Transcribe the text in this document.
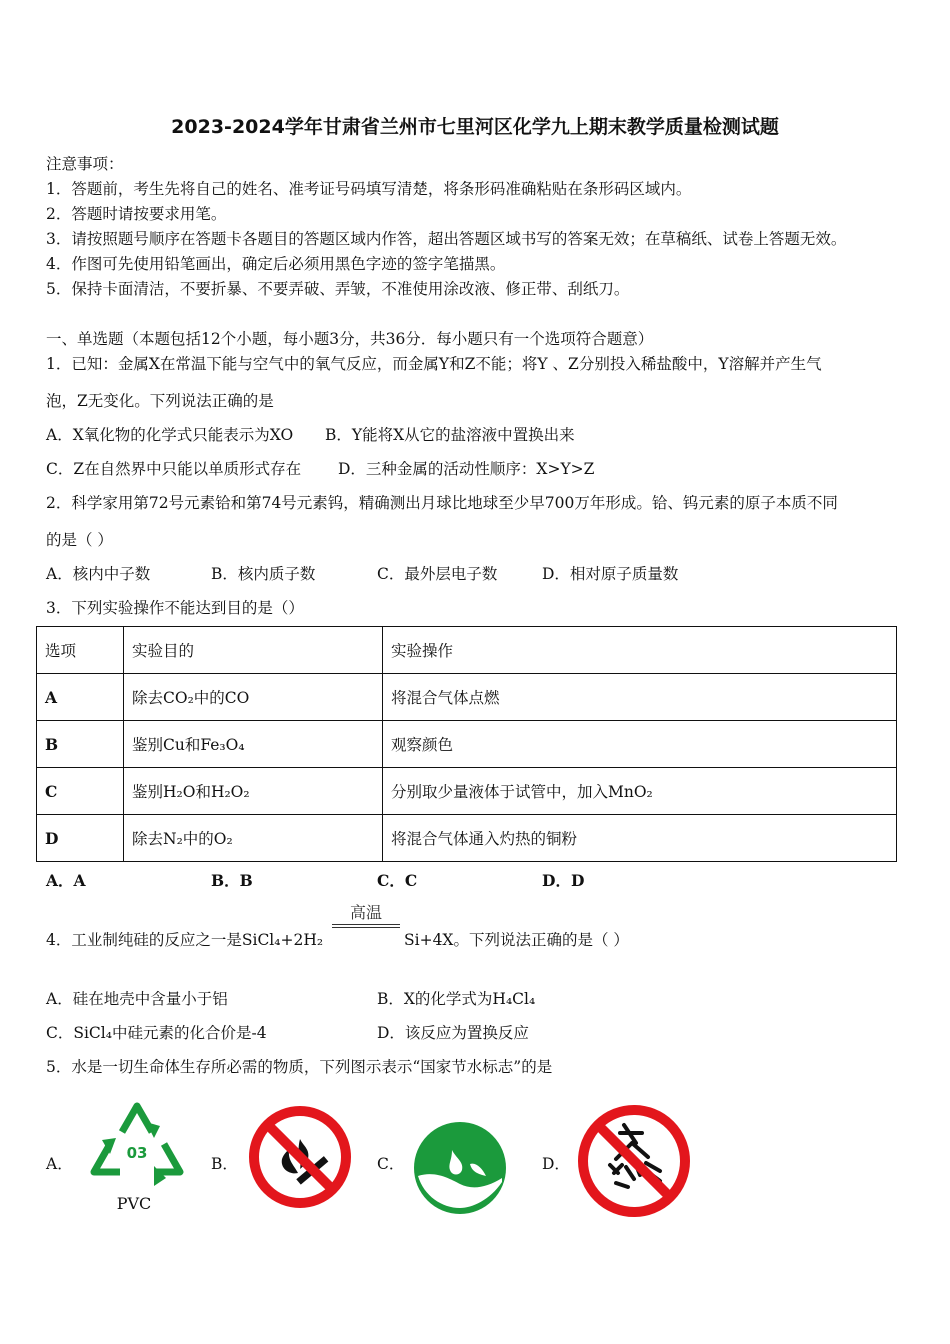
2023-2024学年甘肃省兰州市七里河区化学九上期末教学质量检测试题
注意事项：
1．答题前，考生先将自己的姓名、准考证号码填写清楚，将条形码准确粘贴在条形码区域内。
2．答题时请按要求用笔。
3．请按照题号顺序在答题卡各题目的答题区域内作答，超出答题区域书写的答案无效；在草稿纸、试卷上答题无效。
4．作图可先使用铅笔画出，确定后必须用黑色字迹的签字笔描黑。
5．保持卡面清洁，不要折暴、不要弄破、弄皱，不准使用涂改液、修正带、刮纸刀。
一、单选题（本题包括12个小题，每小题3分，共36分．每小题只有一个选项符合题意）
1．已知：金属X在常温下能与空气中的氧气反应，而金属Y和Z不能；将Y 、Z分别投入稀盐酸中，Y溶解并产生气
泡，Z无变化。下列说法正确的是
A．X氧化物的化学式只能表示为XO B．Y能将X从它的盐溶液中置换出来
C．Z在自然界中只能以单质形式存在 D．三种金属的活动性顺序：X>Y>Z
2．科学家用第72号元素铪和第74号元素钨，精确测出月球比地球至少早700万年形成。铪、钨元素的原子本质不同
的是（ ）
A．核内中子数	B．核内质子数	C．最外层电子数	D．相对原子质量数
3．下列实验操作不能达到目的是（）
选项	实验目的	实验操作
A	除去CO₂中的CO	将混合气体点燃
B	鉴别Cu和Fe₃O₄	观察颜色
C	鉴别H₂O和H₂O₂	分别取少量液体于试管中，加入MnO₂
D	除去N₂中的O₂	将混合气体通入灼热的铜粉
A．A	B．B	C．C	D．D
4．工业制纯硅的反应之一是SiCl₄+2H₂
高温
Si+4X。下列说法正确的是（ ）
A．硅在地壳中含量小于铝	B．X的化学式为H₄Cl₄
C．SiCl₄中硅元素的化合价是-4	D．该反应为置换反应
5．水是一切生命体生存所必需的物质，下列图示表示“国家节水标志”的是
A．	B．	C．	D．
03
PVC
